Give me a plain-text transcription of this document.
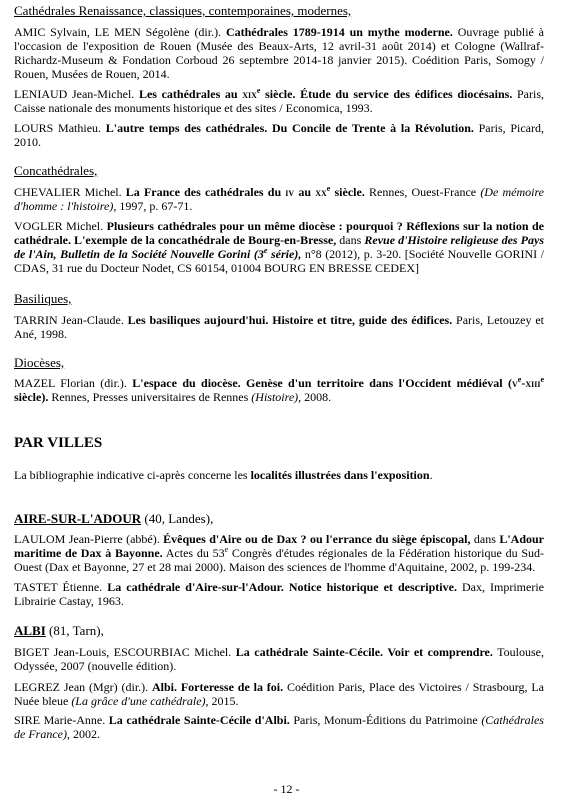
Cathédrales Renaissance, classiques, contemporaines, modernes,
AMIC Sylvain, LE MEN Ségolène (dir.). Cathédrales 1789-1914 un mythe moderne. Ouvrage publié à l'occasion de l'exposition de Rouen (Musée des Beaux-Arts, 12 avril-31 août 2014) et Cologne (Wallraf-Richardz-Museum & Fondation Corboud 26 septembre 2014-18 janvier 2015). Coédition Paris, Somogy / Rouen, Musées de Rouen, 2014.
LENIAUD Jean-Michel. Les cathédrales au xix$^e$ siècle. Étude du service des édifices diocésains. Paris, Caisse nationale des monuments historique et des sites / Economica, 1993.
LOURS Mathieu. L'autre temps des cathédrales. Du Concile de Trente à la Révolution. Paris, Picard, 2010.
Concathédrales,
CHEVALIER Michel. La France des cathédrales du iv au $xx^e$ siècle. Rennes, Ouest-France (De mémoire d'homme : l'histoire), 1997, p. 67-71.
VOGLER Michel. Plusieurs cathédrales pour un même diocèse : pourquoi ? Réflexions sur la notion de cathédrale. L'exemple de la concathédrale de Bourg-en-Bresse, dans Revue d'Histoire religieuse des Pays de l'Ain, Bulletin de la Société Nouvelle Gorini (3e série), n°8 (2012), p. 3-20. [Société Nouvelle GORINI / CDAS, 31 rue du Docteur Nodet, CS 60154, 01004 BOURG EN BRESSE CEDEX]
Basiliques,
TARRIN Jean-Claude. Les basiliques aujourd'hui. Histoire et titre, guide des édifices. Paris, Letouzey et Ané, 1998.
Diocèses,
MAZEL Florian (dir.). L'espace du diocèse. Genèse d'un territoire dans l'Occident médiéval ($v^e-xiii^e$ siècle). Rennes, Presses universitaires de Rennes (Histoire), 2008.
PAR VILLES
La bibliographie indicative ci-après concerne les localités illustrées dans l'exposition.
AIRE-SUR-L'ADOUR (40, Landes),
LAULOM Jean-Pierre (abbé). Évêques d'Aire ou de Dax ? ou l'errance du siège épiscopal, dans L'Adour maritime de Dax à Bayonne. Actes du 53e Congrès d'études régionales de la Fédération historique du Sud-Ouest (Dax et Bayonne, 27 et 28 mai 2000). Maison des sciences de l'homme d'Aquitaine, 2002, p. 199-234.
TASTET Étienne. La cathédrale d'Aire-sur-l'Adour. Notice historique et descriptive. Dax, Imprimerie Librairie Castay, 1963.
ALBI (81, Tarn),
BIGET Jean-Louis, ESCOURBIAC Michel. La cathédrale Sainte-Cécile. Voir et comprendre. Toulouse, Odyssée, 2007 (nouvelle édition).
LEGREZ Jean (Mgr) (dir.). Albi. Forteresse de la foi. Coédition Paris, Place des Victoires / Strasbourg, La Nuée bleue (La grâce d'une cathédrale), 2015.
SIRE Marie-Anne. La cathédrale Sainte-Cécile d'Albi. Paris, Monum-Éditions du Patrimoine (Cathédrales de France), 2002.
- 12 -
